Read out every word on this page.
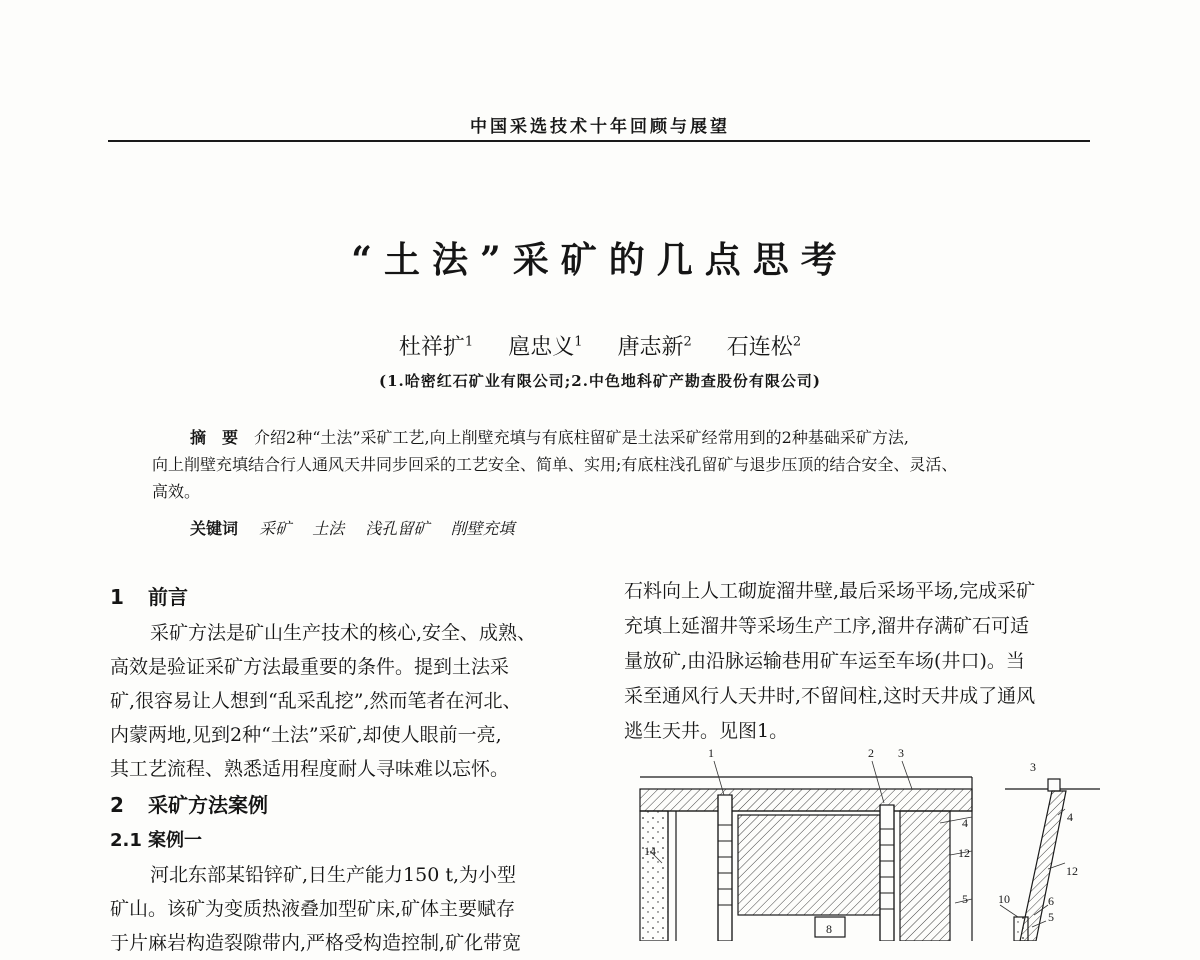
中国采选技术十年回顾与展望
“土法”采矿的几点思考
杜祥扩$^1$ 扈忠义$^1$ 唐志新$^2$ 石连松$^2$
(1.哈密红石矿业有限公司;2.中色地科矿产勘查股份有限公司)
摘　要 介绍2种“土法”采矿工艺,向上削壁充填与有底柱留矿是土法采矿经常用到的2种基础采矿方法,
向上削壁充填结合行人通风天井同步回采的工艺安全、简单、实用;有底柱浅孔留矿与退步压顶的结合安全、灵活、
高效。
关键词 采矿 土法 浅孔留矿 削壁充填
1 前言
采矿方法是矿山生产技术的核心,安全、成熟、
高效是验证采矿方法最重要的条件。提到土法采
矿,很容易让人想到“乱采乱挖”,然而笔者在河北、
内蒙两地,见到2种“土法”采矿,却使人眼前一亮,
其工艺流程、熟悉适用程度耐人寻味难以忘怀。
2 采矿方法案例
2.1 案例一
河北东部某铅锌矿,日生产能力150 t,为小型
矿山。该矿为变质热液叠加型矿床,矿体主要赋存
于片麻岩构造裂隙带内,严格受构造控制,矿化带宽
石料向上人工砌旋溜井壁,最后采场平场,完成采矿
充填上延溜井等采场生产工序,溜井存满矿石可适
量放矿,由沿脉运输巷用矿车运至车场(井口)。当
采至通风行人天井时,不留间柱,这时天井成了通风
逃生天井。见图1。
1	2 3
4
12
5
14
8
3
4
12
10	6
5
